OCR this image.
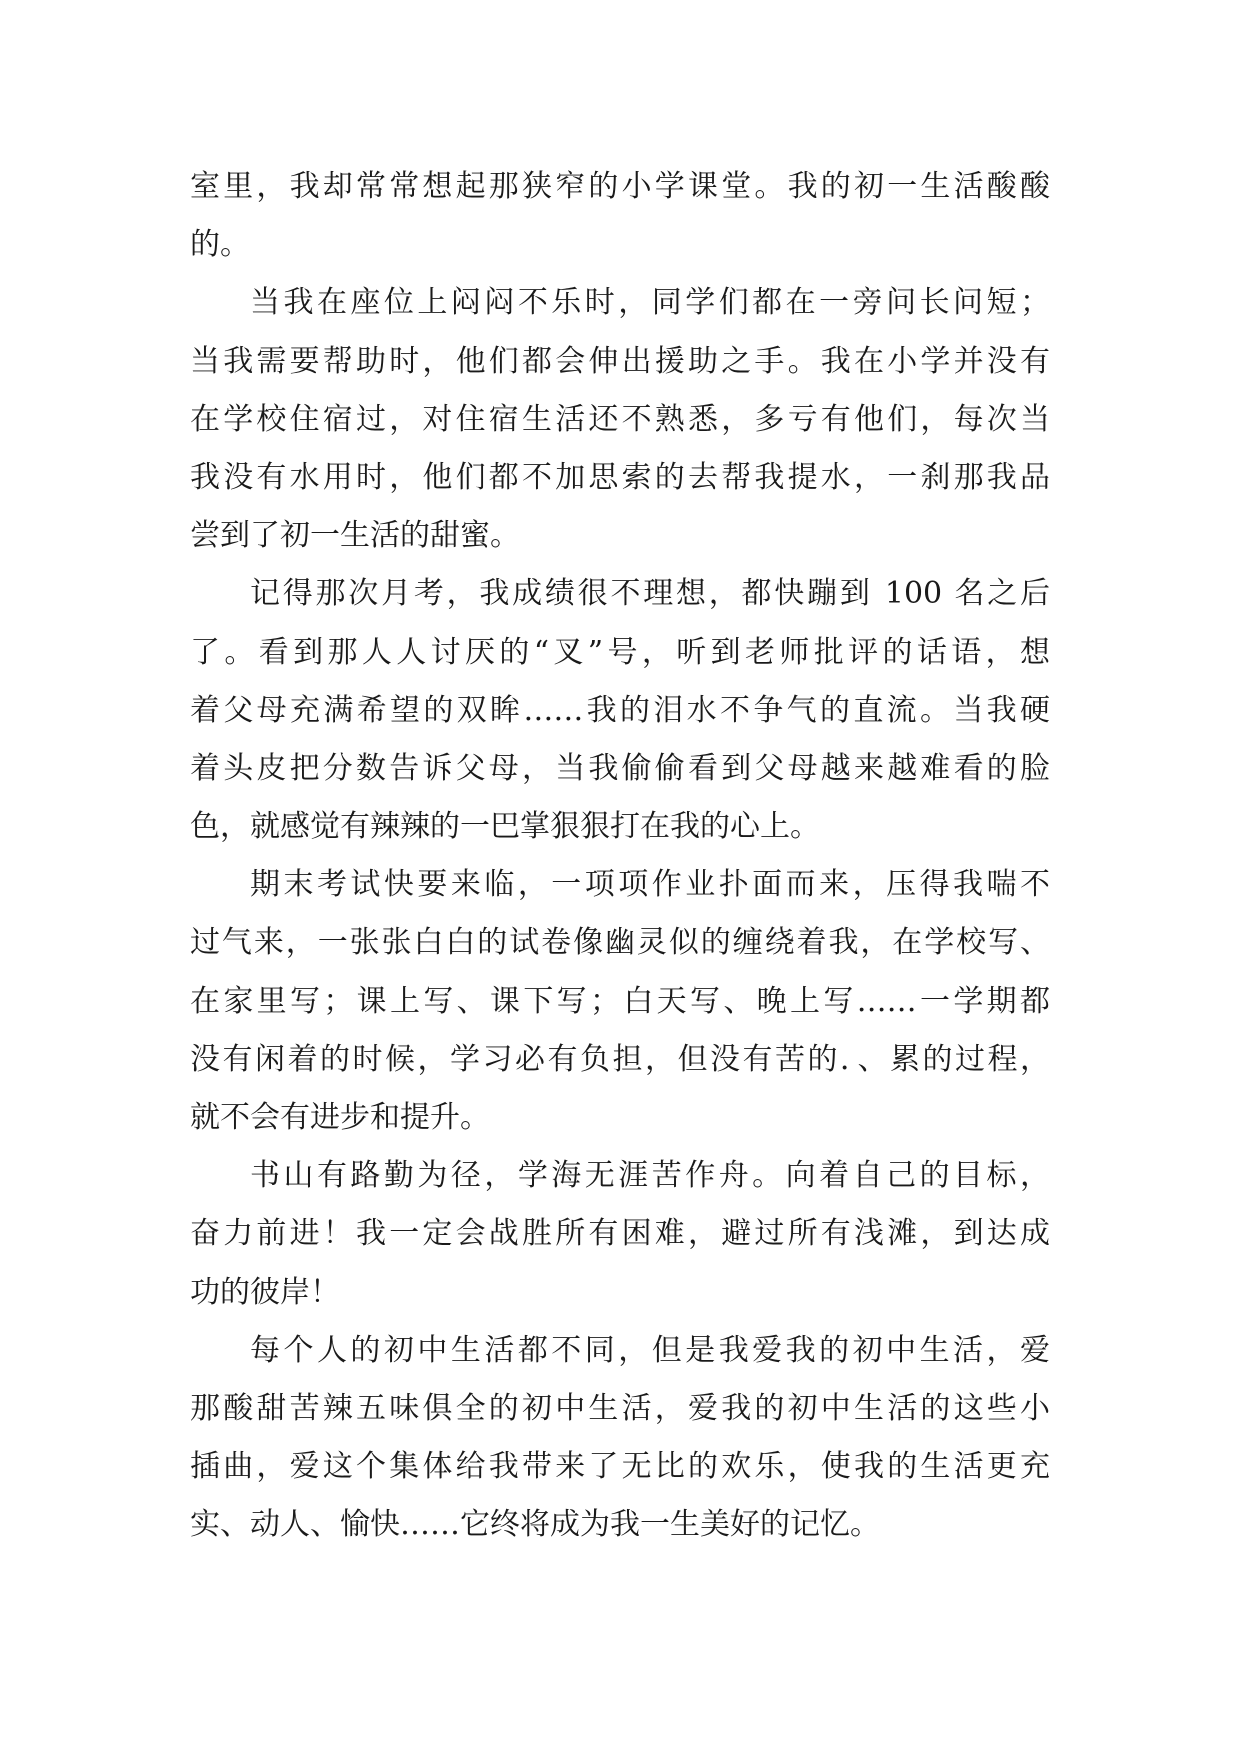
室里，我却常常想起那狭窄的小学课堂。我的初一生活酸酸
的。
当我在座位上闷闷不乐时，同学们都在一旁问长问短；
当我需要帮助时，他们都会伸出援助之手。我在小学并没有
在学校住宿过，对住宿生活还不熟悉，多亏有他们，每次当
我没有水用时，他们都不加思索的去帮我提水，一刹那我品
尝到了初一生活的甜蜜。
记得那次月考，我成绩很不理想，都快蹦到 100 名之后
了。看到那人人讨厌的“叉”号，听到老师批评的话语，想
着父母充满希望的双眸……我的泪水不争气的直流。当我硬
着头皮把分数告诉父母，当我偷偷看到父母越来越难看的脸
色，就感觉有辣辣的一巴掌狠狠打在我的心上。
期末考试快要来临，一项项作业扑面而来，压得我喘不
过气来，一张张白白的试卷像幽灵似的缠绕着我，在学校写、
在家里写；课上写、课下写；白天写、晚上写……一学期都
没有闲着的时候，学习必有负担，但没有苦的．、累的过程，
就不会有进步和提升。
书山有路勤为径，学海无涯苦作舟。向着自己的目标，
奋力前进！我一定会战胜所有困难，避过所有浅滩，到达成
功的彼岸！
每个人的初中生活都不同，但是我爱我的初中生活，爱
那酸甜苦辣五味俱全的初中生活，爱我的初中生活的这些小
插曲，爱这个集体给我带来了无比的欢乐，使我的生活更充
实、动人、愉快……它终将成为我一生美好的记忆。
